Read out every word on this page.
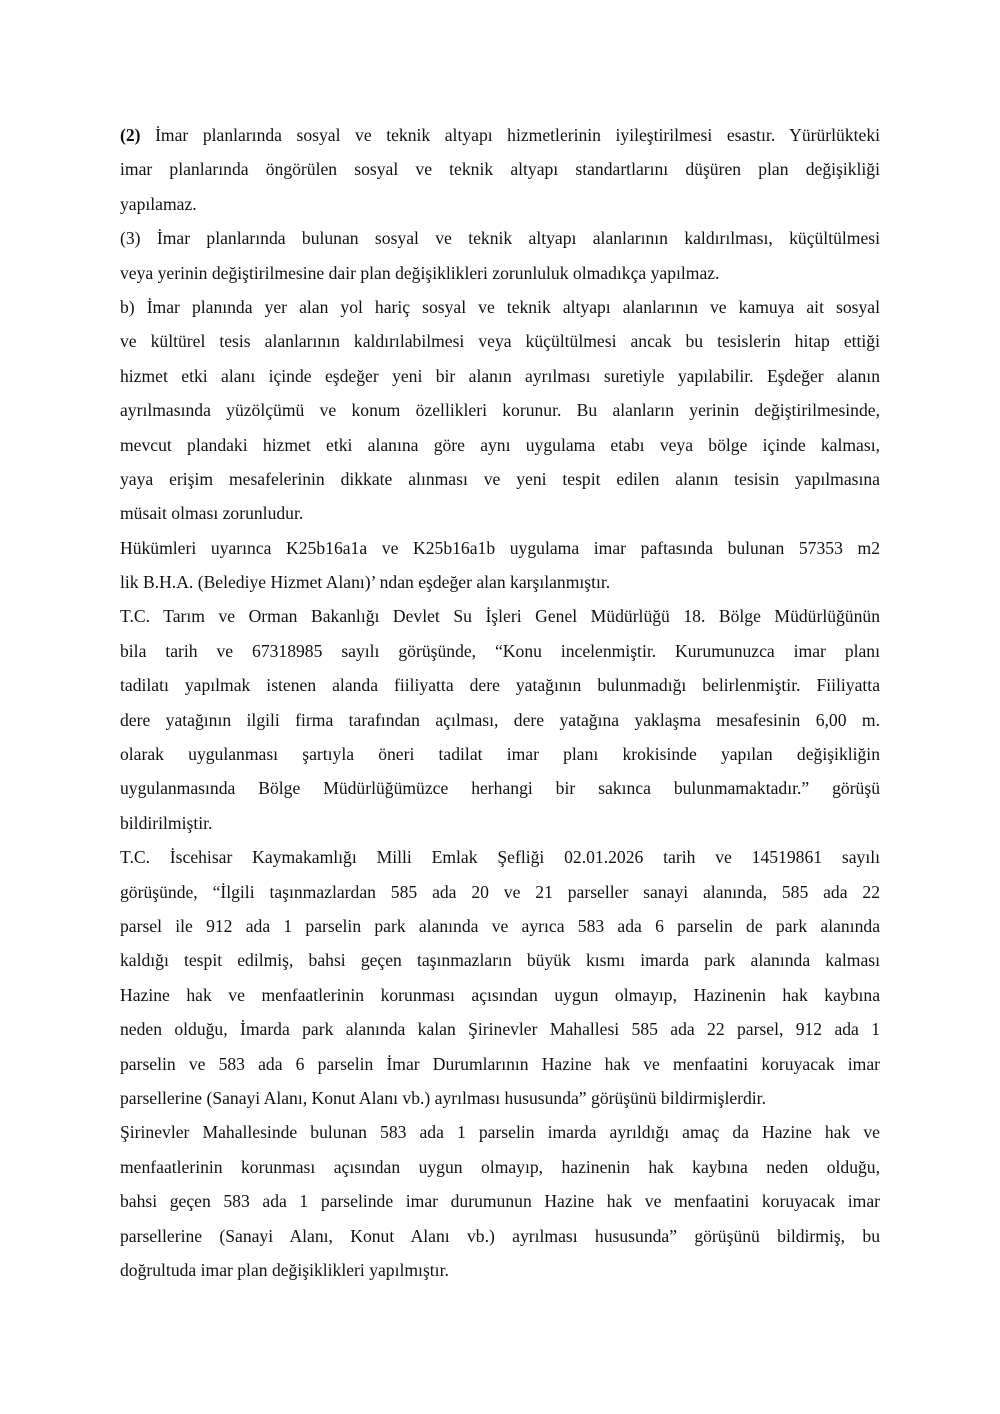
(2) İmar planlarında sosyal ve teknik altyapı hizmetlerinin iyileştirilmesi esastır. Yürürlükteki
imar planlarında öngörülen sosyal ve teknik altyapı standartlarını düşüren plan değişikliği
yapılamaz.
(3) İmar planlarında bulunan sosyal ve teknik altyapı alanlarının kaldırılması, küçültülmesi
veya yerinin değiştirilmesine dair plan değişiklikleri zorunluluk olmadıkça yapılmaz.
b) İmar planında yer alan yol hariç sosyal ve teknik altyapı alanlarının ve kamuya ait sosyal
ve kültürel tesis alanlarının kaldırılabilmesi veya küçültülmesi ancak bu tesislerin hitap ettiği
hizmet etki alanı içinde eşdeğer yeni bir alanın ayrılması suretiyle yapılabilir. Eşdeğer alanın
ayrılmasında yüzölçümü ve konum özellikleri korunur. Bu alanların yerinin değiştirilmesinde,
mevcut plandaki hizmet etki alanına göre aynı uygulama etabı veya bölge içinde kalması,
yaya erişim mesafelerinin dikkate alınması ve yeni tespit edilen alanın tesisin yapılmasına
müsait olması zorunludur.
Hükümleri uyarınca K25b16a1a ve K25b16a1b uygulama imar paftasında bulunan 57353 m2
lik B.H.A. (Belediye Hizmet Alanı)’ ndan eşdeğer alan karşılanmıştır.
T.C. Tarım ve Orman Bakanlığı Devlet Su İşleri Genel Müdürlüğü 18. Bölge Müdürlüğünün
bila tarih ve 67318985 sayılı görüşünde, “Konu incelenmiştir. Kurumunuzca imar planı
tadilatı yapılmak istenen alanda fiiliyatta dere yatağının bulunmadığı belirlenmiştir. Fiiliyatta
dere yatağının ilgili firma tarafından açılması, dere yatağına yaklaşma mesafesinin 6,00 m.
olarak uygulanması şartıyla öneri tadilat imar planı krokisinde yapılan değişikliğin
uygulanmasında Bölge Müdürlüğümüzce herhangi bir sakınca bulunmamaktadır.” görüşü
bildirilmiştir.
T.C. İscehisar Kaymakamlığı Milli Emlak Şefliği 02.01.2026 tarih ve 14519861 sayılı
görüşünde, “İlgili taşınmazlardan 585 ada 20 ve 21 parseller sanayi alanında, 585 ada 22
parsel ile 912 ada 1 parselin park alanında ve ayrıca 583 ada 6 parselin de park alanında
kaldığı tespit edilmiş, bahsi geçen taşınmazların büyük kısmı imarda park alanında kalması
Hazine hak ve menfaatlerinin korunması açısından uygun olmayıp, Hazinenin hak kaybına
neden olduğu, İmarda park alanında kalan Şirinevler Mahallesi 585 ada 22 parsel, 912 ada 1
parselin ve 583 ada 6 parselin İmar Durumlarının Hazine hak ve menfaatini koruyacak imar
parsellerine (Sanayi Alanı, Konut Alanı vb.) ayrılması hususunda” görüşünü bildirmişlerdir.
Şirinevler Mahallesinde bulunan 583 ada 1 parselin imarda ayrıldığı amaç da Hazine hak ve
menfaatlerinin korunması açısından uygun olmayıp, hazinenin hak kaybına neden olduğu,
bahsi geçen 583 ada 1 parselinde imar durumunun Hazine hak ve menfaatini koruyacak imar
parsellerine (Sanayi Alanı, Konut Alanı vb.) ayrılması hususunda” görüşünü bildirmiş, bu
doğrultuda imar plan değişiklikleri yapılmıştır.
